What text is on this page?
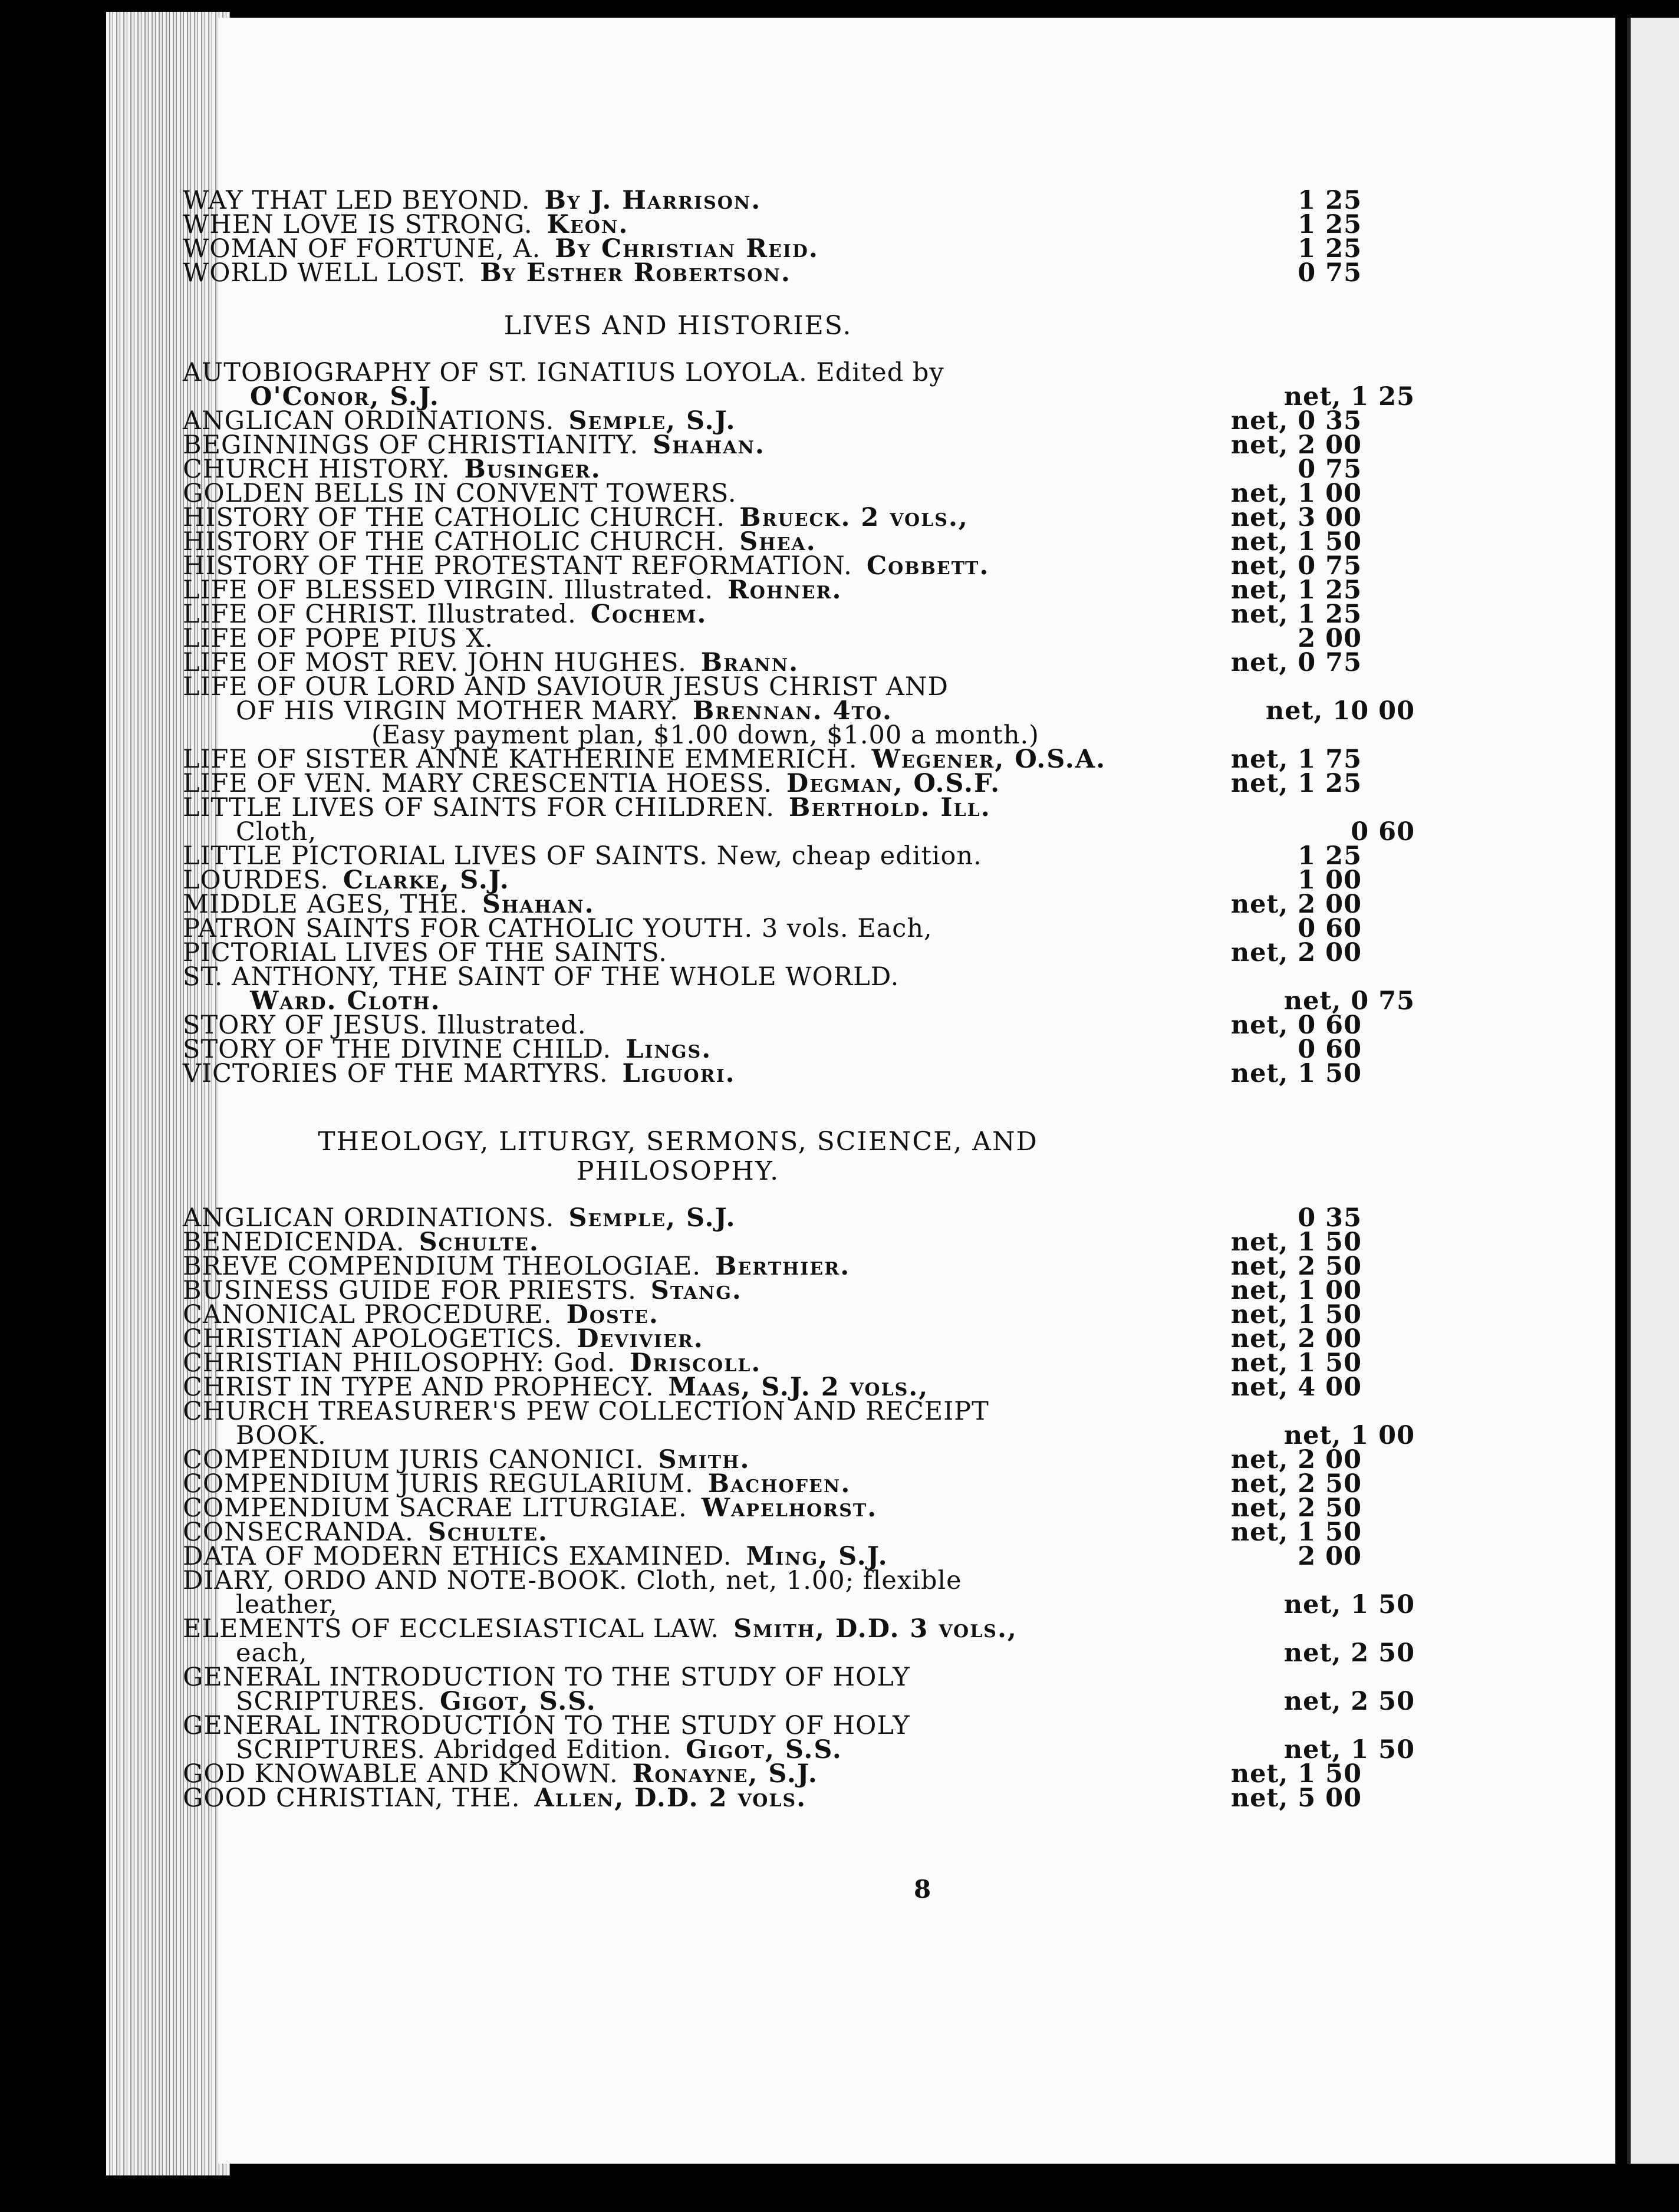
WAY THAT LED BEYOND. By J. Harrison.	1 25
WHEN LOVE IS STRONG. Keon.	1 25
WOMAN OF FORTUNE, A. By Christian Reid.	1 25
WORLD WELL LOST. By Esther Robertson.	0 75
LIVES AND HISTORIES.
AUTOBIOGRAPHY OF ST. IGNATIUS LOYOLA. Edited by
O'Conor, S.J.	net, 1 25
ANGLICAN ORDINATIONS. Semple, S.J.	net, 0 35
BEGINNINGS OF CHRISTIANITY. Shahan.	net, 2 00
CHURCH HISTORY. Businger.	0 75
GOLDEN BELLS IN CONVENT TOWERS.	net, 1 00
HISTORY OF THE CATHOLIC CHURCH. Brueck. 2 vols.,	net, 3 00
HISTORY OF THE CATHOLIC CHURCH. Shea.	net, 1 50
HISTORY OF THE PROTESTANT REFORMATION. Cobbett.	net, 0 75
LIFE OF BLESSED VIRGIN. Illustrated. Rohner.	net, 1 25
LIFE OF CHRIST. Illustrated. Cochem.	net, 1 25
LIFE OF POPE PIUS X.	2 00
LIFE OF MOST REV. JOHN HUGHES. Brann.	net, 0 75
LIFE OF OUR LORD AND SAVIOUR JESUS CHRIST AND
OF HIS VIRGIN MOTHER MARY. Brennan. 4to.	net, 10 00
(Easy payment plan, $1.00 down, $1.00 a month.)
LIFE OF SISTER ANNE KATHERINE EMMERICH. Wegener, O.S.A.	net, 1 75
LIFE OF VEN. MARY CRESCENTIA HOESS. Degman, O.S.F.	net, 1 25
LITTLE LIVES OF SAINTS FOR CHILDREN. Berthold. Ill.
Cloth,	0 60
LITTLE PICTORIAL LIVES OF SAINTS. New, cheap edition.	1 25
LOURDES. Clarke, S.J.	1 00
MIDDLE AGES, THE. Shahan.	net, 2 00
PATRON SAINTS FOR CATHOLIC YOUTH. 3 vols. Each,	0 60
PICTORIAL LIVES OF THE SAINTS.	net, 2 00
ST. ANTHONY, THE SAINT OF THE WHOLE WORLD.
Ward. Cloth.	net, 0 75
STORY OF JESUS. Illustrated.	net, 0 60
STORY OF THE DIVINE CHILD. Lings.	0 60
VICTORIES OF THE MARTYRS. Liguori.	net, 1 50
THEOLOGY, LITURGY, SERMONS, SCIENCE, AND
PHILOSOPHY.
ANGLICAN ORDINATIONS. Semple, S.J.	0 35
BENEDICENDA. Schulte.	net, 1 50
BREVE COMPENDIUM THEOLOGIAE. Berthier.	net, 2 50
BUSINESS GUIDE FOR PRIESTS. Stang.	net, 1 00
CANONICAL PROCEDURE. Doste.	net, 1 50
CHRISTIAN APOLOGETICS. Devivier.	net, 2 00
CHRISTIAN PHILOSOPHY: God. Driscoll.	net, 1 50
CHRIST IN TYPE AND PROPHECY. Maas, S.J. 2 vols.,	net, 4 00
CHURCH TREASURER'S PEW COLLECTION AND RECEIPT
BOOK.	net, 1 00
COMPENDIUM JURIS CANONICI. Smith.	net, 2 00
COMPENDIUM JURIS REGULARIUM. Bachofen.	net, 2 50
COMPENDIUM SACRAE LITURGIAE. Wapelhorst.	net, 2 50
CONSECRANDA. Schulte.	net, 1 50
DATA OF MODERN ETHICS EXAMINED. Ming, S.J.	2 00
DIARY, ORDO AND NOTE-BOOK. Cloth, net, 1.00; flexible
leather,	net, 1 50
ELEMENTS OF ECCLESIASTICAL LAW. Smith, D.D. 3 vols.,
each,	net, 2 50
GENERAL INTRODUCTION TO THE STUDY OF HOLY
SCRIPTURES. Gigot, S.S.	net, 2 50
GENERAL INTRODUCTION TO THE STUDY OF HOLY
SCRIPTURES. Abridged Edition. Gigot, S.S.	net, 1 50
GOD KNOWABLE AND KNOWN. Ronayne, S.J.	net, 1 50
GOOD CHRISTIAN, THE. Allen, D.D. 2 vols.	net, 5 00
8
